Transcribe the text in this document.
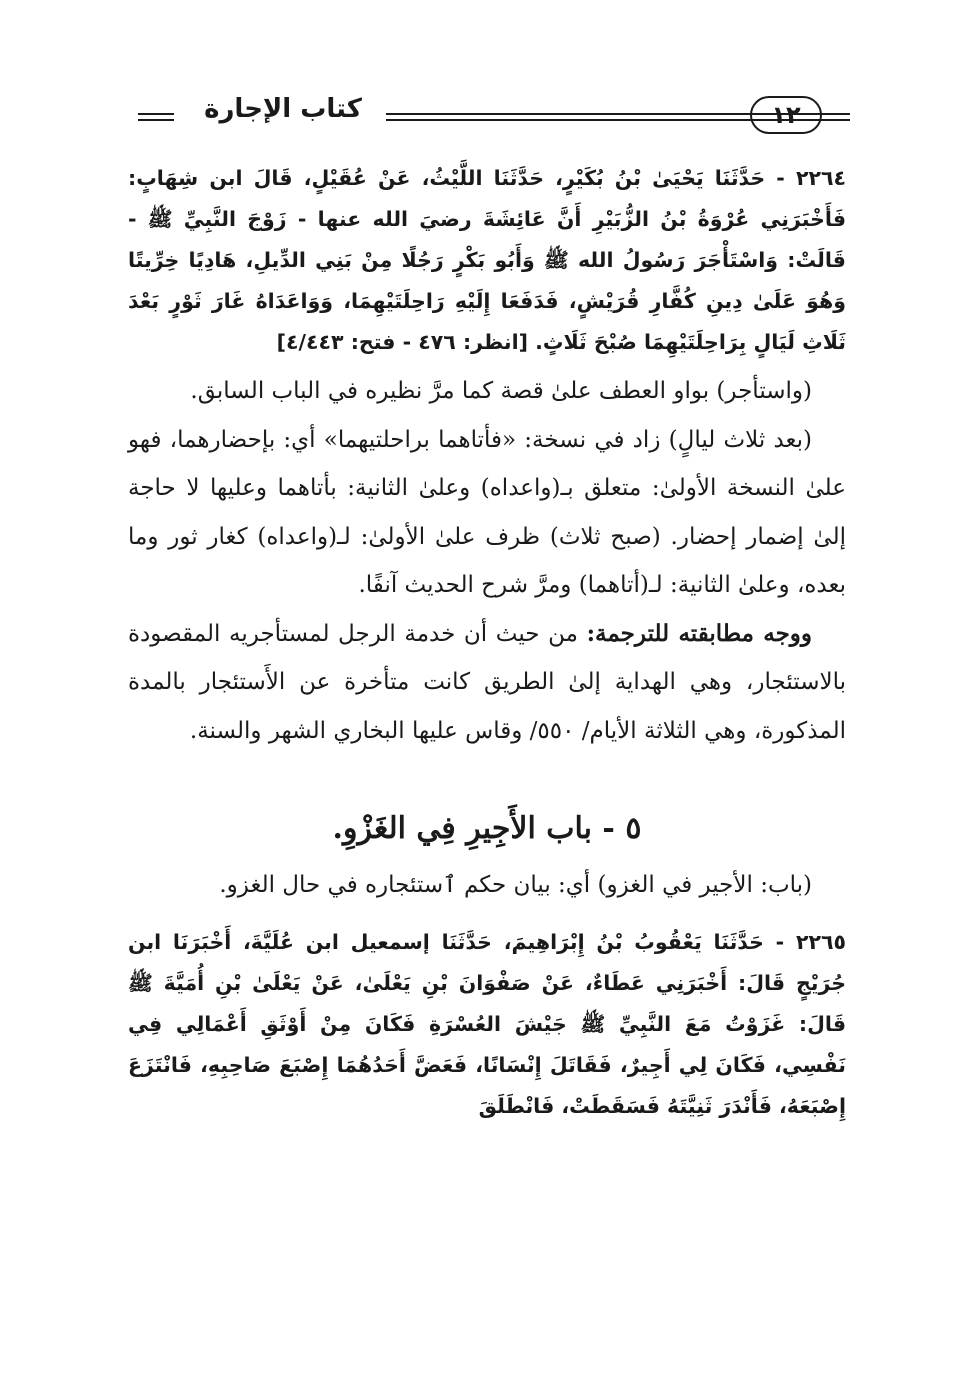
١٢
كتاب الإجارة

٢٢٦٤ - حَدَّثَنَا يَحْيَىٰ بْنُ بُكَيْرٍ، حَدَّثَنَا اللَّيْثُ، عَنْ عُقَيْلٍ، قَالَ ابن شِهَابٍ: فَأَخْبَرَنِي عُرْوَةُ بْنُ الزُّبَيْرِ أَنَّ عَائِشَةَ رضيَ الله عنها - زَوْجَ النَّبِيِّ ﷺ - قَالَتْ: وَاسْتَأْجَرَ رَسُولُ الله ﷺ وَأَبُو بَكْرٍ رَجُلًا مِنْ بَنِي الدِّيلِ، هَادِيًا خِرِّيتًا وَهُوَ عَلَىٰ دِينِ كُفَّارِ قُرَيْشٍ، فَدَفَعَا إِلَيْهِ رَاحِلَتَيْهِمَا، وَوَاعَدَاهُ غَارَ ثَوْرٍ بَعْدَ ثَلَاثِ لَيَالٍ بِرَاحِلَتَيْهِمَا صُبْحَ ثَلَاثٍ. [انظر: ٤٧٦ - فتح: ٤/٤٤٣]

(واستأجر) بواو العطف علىٰ قصة كما مرَّ نظيره في الباب السابق.

(بعد ثلاث ليالٍ) زاد في نسخة: «فأتاهما براحلتيهما» أي: بإحضارهما، فهو علىٰ النسخة الأولىٰ: متعلق بـ(واعداه) وعلىٰ الثانية: بأتاهما وعليها لا حاجة إلىٰ إضمار إحضار. (صبح ثلاث) ظرف علىٰ الأولىٰ: لـ(واعداه) كغار ثور وما بعده، وعلىٰ الثانية: لـ(أتاهما) ومرَّ شرح الحديث آنفًا.

ووجه مطابقته للترجمة: من حيث أن خدمة الرجل لمستأجريه المقصودة بالاستئجار، وهي الهداية إلىٰ الطريق كانت متأخرة عن الأَستئجار بالمدة المذكورة، وهي الثلاثة الأيام/ ٥٥٠/ وقاس عليها البخاري الشهر والسنة.

٥ - باب الأَجِيرِ فِي الغَزْوِ.

(باب: الأجير في الغزو) أي: بيان حكم ٱستئجاره في حال الغزو.

٢٢٦٥ - حَدَّثَنَا يَعْقُوبُ بْنُ إِبْرَاهِيمَ، حَدَّثَنَا إسمعيل ابن عُلَيَّةَ، أَخْبَرَنَا ابن جُرَيْجٍ قَالَ: أَخْبَرَنِي عَطَاءٌ، عَنْ صَفْوَانَ بْنِ يَعْلَىٰ، عَنْ يَعْلَىٰ بْنِ أُمَيَّةَ ﷺ قَالَ: غَزَوْتُ مَعَ النَّبِيِّ ﷺ جَيْشَ العُسْرَةِ فَكَانَ مِنْ أَوْثَقِ أَعْمَالِي فِي نَفْسِي، فَكَانَ لِي أَجِيرٌ، فَقَاتَلَ إِنْسَانًا، فَعَضَّ أَحَدُهُمَا إِصْبَعَ صَاحِبِهِ، فَانْتَزَعَ إِصْبَعَهُ، فَأَنْدَرَ ثَنِيَّتَهُ فَسَقَطَتْ، فَانْطَلَقَ
